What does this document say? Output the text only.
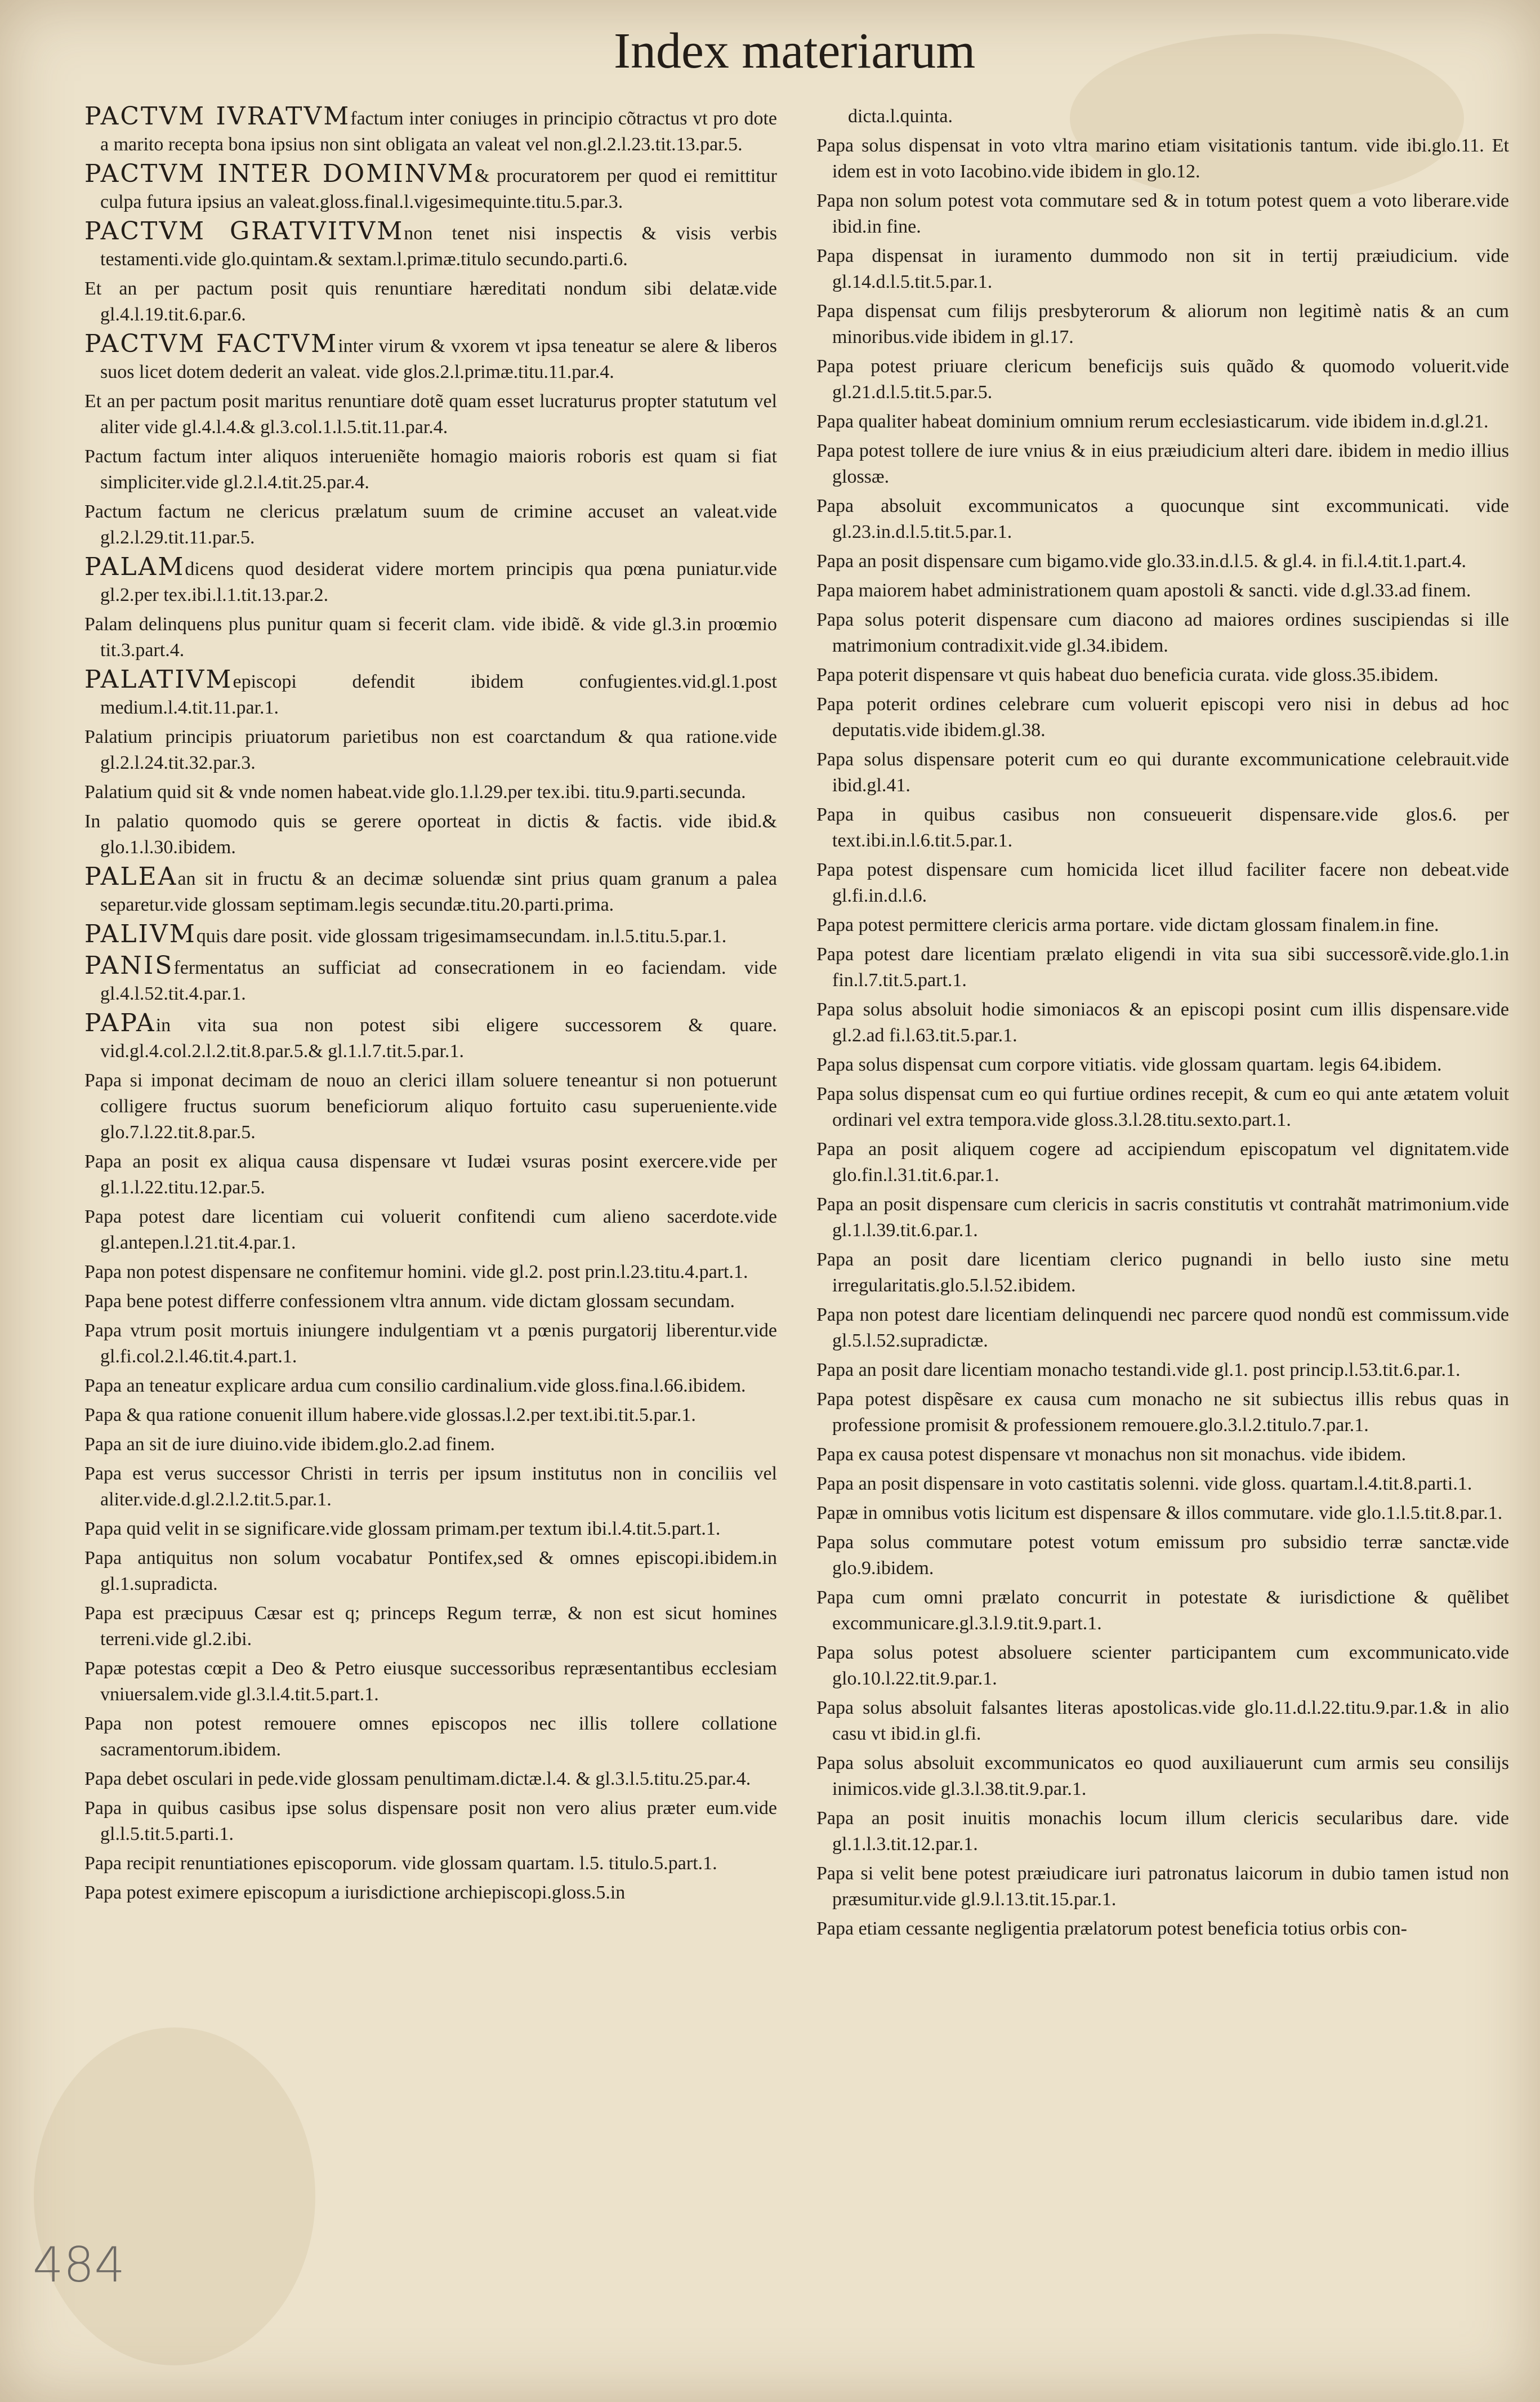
Index materiarum

PACTVM IVRATVMfactum inter coniuges in principio cõtractus vt pro dote a marito recepta bona ipsius non sint obligata an valeat vel non.gl.2.l.23.tit.13.par.5.

PACTVM INTER DOMINVM& procuratorem per quod ei remittitur culpa futura ipsius an valeat.gloss.final.l.vigesimequinte.titu.5.par.3.

PACTVM GRATVITVMnon tenet nisi inspectis & visis verbis testamenti.vide glo.quintam.& sextam.l.primæ.titulo secundo.parti.6.

Et an per pactum posit quis renuntiare hæreditati nondum sibi delatæ.vide gl.4.l.19.tit.6.par.6.

PACTVM FACTVMinter virum & vxorem vt ipsa teneatur se alere & liberos suos licet dotem dederit an valeat. vide glos.2.l.primæ.titu.11.par.4.

Et an per pactum posit maritus renuntiare dotẽ quam esset lucraturus propter statutum vel aliter vide gl.4.l.4.& gl.3.col.1.l.5.tit.11.par.4.

Pactum factum inter aliquos interueniẽte homagio maioris roboris est quam si fiat simpliciter.vide gl.2.l.4.tit.25.par.4.

Pactum factum ne clericus prælatum suum de crimine accuset an valeat.vide gl.2.l.29.tit.11.par.5.

PALAMdicens quod desiderat videre mortem principis qua pœna puniatur.vide gl.2.per tex.ibi.l.1.tit.13.par.2.

Palam delinquens plus punitur quam si fecerit clam. vide ibidẽ. & vide gl.3.in proœmio tit.3.part.4.

PALATIVMepiscopi defendit ibidem confugientes.vid.gl.1.post medium.l.4.tit.11.par.1.

Palatium principis priuatorum parietibus non est coarctandum & qua ratione.vide gl.2.l.24.tit.32.par.3.

Palatium quid sit & vnde nomen habeat.vide glo.1.l.29.per tex.ibi. titu.9.parti.secunda.

In palatio quomodo quis se gerere oporteat in dictis & factis. vide ibid.& glo.1.l.30.ibidem.

PALEAan sit in fructu & an decimæ soluendæ sint prius quam granum a palea separetur.vide glossam septimam.legis secundæ.titu.20.parti.prima.

PALIVMquis dare posit. vide glossam trigesimamsecundam. in.l.5.titu.5.par.1.

PANISfermentatus an sufficiat ad consecrationem in eo faciendam. vide gl.4.l.52.tit.4.par.1.

PAPAin vita sua non potest sibi eligere successorem & quare. vid.gl.4.col.2.l.2.tit.8.par.5.& gl.1.l.7.tit.5.par.1.

Papa si imponat decimam de nouo an clerici illam soluere teneantur si non potuerunt colligere fructus suorum beneficiorum aliquo fortuito casu superueniente.vide glo.7.l.22.tit.8.par.5.

Papa an posit ex aliqua causa dispensare vt Iudæi vsuras posint exercere.vide per gl.1.l.22.titu.12.par.5.

Papa potest dare licentiam cui voluerit confitendi cum alieno sacerdote.vide gl.antepen.l.21.tit.4.par.1.

Papa non potest dispensare ne confitemur homini. vide gl.2. post prin.l.23.titu.4.part.1.

Papa bene potest differre confessionem vltra annum. vide dictam glossam secundam.

Papa vtrum posit mortuis iniungere indulgentiam vt a pœnis purgatorij liberentur.vide gl.fi.col.2.l.46.tit.4.part.1.

Papa an teneatur explicare ardua cum consilio cardinalium.vide gloss.fina.l.66.ibidem.

Papa & qua ratione conuenit illum habere.vide glossas.l.2.per text.ibi.tit.5.par.1.

Papa an sit de iure diuino.vide ibidem.glo.2.ad finem.

Papa est verus successor Christi in terris per ipsum institutus non in conciliis vel aliter.vide.d.gl.2.l.2.tit.5.par.1.

Papa quid velit in se significare.vide glossam primam.per textum ibi.l.4.tit.5.part.1.

Papa antiquitus non solum vocabatur Pontifex,sed & omnes episcopi.ibidem.in gl.1.supradicta.

Papa est præcipuus Cæsar est q; princeps Regum terræ, & non est sicut homines terreni.vide gl.2.ibi.

Papæ potestas cœpit a Deo & Petro eiusque successoribus repræsentantibus ecclesiam vniuersalem.vide gl.3.l.4.tit.5.part.1.

Papa non potest remouere omnes episcopos nec illis tollere collatione sacramentorum.ibidem.

Papa debet osculari in pede.vide glossam penultimam.dictæ.l.4. & gl.3.l.5.titu.25.par.4.

Papa in quibus casibus ipse solus dispensare posit non vero alius præter eum.vide gl.l.5.tit.5.parti.1.

Papa recipit renuntiationes episcoporum. vide glossam quartam. l.5. titulo.5.part.1.

Papa potest eximere episcopum a iurisdictione archiepiscopi.gloss.5.in

dicta.l.quinta.

Papa solus dispensat in voto vltra marino etiam visitationis tantum. vide ibi.glo.11. Et idem est in voto Iacobino.vide ibidem in glo.12.

Papa non solum potest vota commutare sed & in totum potest quem a voto liberare.vide ibid.in fine.

Papa dispensat in iuramento dummodo non sit in tertij præiudicium. vide gl.14.d.l.5.tit.5.par.1.

Papa dispensat cum filijs presbyterorum & aliorum non legitimè natis & an cum minoribus.vide ibidem in gl.17.

Papa potest priuare clericum beneficijs suis quãdo & quomodo voluerit.vide gl.21.d.l.5.tit.5.par.5.

Papa qualiter habeat dominium omnium rerum ecclesiasticarum. vide ibidem in.d.gl.21.

Papa potest tollere de iure vnius & in eius præiudicium alteri dare. ibidem in medio illius glossæ.

Papa absoluit excommunicatos a quocunque sint excommunicati. vide gl.23.in.d.l.5.tit.5.par.1.

Papa an posit dispensare cum bigamo.vide glo.33.in.d.l.5. & gl.4. in fi.l.4.tit.1.part.4.

Papa maiorem habet administrationem quam apostoli & sancti. vide d.gl.33.ad finem.

Papa solus poterit dispensare cum diacono ad maiores ordines suscipiendas si ille matrimonium contradixit.vide gl.34.ibidem.

Papa poterit dispensare vt quis habeat duo beneficia curata. vide gloss.35.ibidem.

Papa poterit ordines celebrare cum voluerit episcopi vero nisi in debus ad hoc deputatis.vide ibidem.gl.38.

Papa solus dispensare poterit cum eo qui durante excommunicatione celebrauit.vide ibid.gl.41.

Papa in quibus casibus non consueuerit dispensare.vide glos.6. per text.ibi.in.l.6.tit.5.par.1.

Papa potest dispensare cum homicida licet illud faciliter facere non debeat.vide gl.fi.in.d.l.6.

Papa potest permittere clericis arma portare. vide dictam glossam finalem.in fine.

Papa potest dare licentiam prælato eligendi in vita sua sibi successorẽ.vide.glo.1.in fin.l.7.tit.5.part.1.

Papa solus absoluit hodie simoniacos & an episcopi posint cum illis dispensare.vide gl.2.ad fi.l.63.tit.5.par.1.

Papa solus dispensat cum corpore vitiatis. vide glossam quartam. legis 64.ibidem.

Papa solus dispensat cum eo qui furtiue ordines recepit, & cum eo qui ante ætatem voluit ordinari vel extra tempora.vide gloss.3.l.28.titu.sexto.part.1.

Papa an posit aliquem cogere ad accipiendum episcopatum vel dignitatem.vide glo.fin.l.31.tit.6.par.1.

Papa an posit dispensare cum clericis in sacris constitutis vt contrahãt matrimonium.vide gl.1.l.39.tit.6.par.1.

Papa an posit dare licentiam clerico pugnandi in bello iusto sine metu irregularitatis.glo.5.l.52.ibidem.

Papa non potest dare licentiam delinquendi nec parcere quod nondũ est commissum.vide gl.5.l.52.supradictæ.

Papa an posit dare licentiam monacho testandi.vide gl.1. post princip.l.53.tit.6.par.1.

Papa potest dispẽsare ex causa cum monacho ne sit subiectus illis rebus quas in professione promisit & professionem remouere.glo.3.l.2.titulo.7.par.1.

Papa ex causa potest dispensare vt monachus non sit monachus. vide ibidem.

Papa an posit dispensare in voto castitatis solenni. vide gloss. quartam.l.4.tit.8.parti.1.

Papæ in omnibus votis licitum est dispensare & illos commutare. vide glo.1.l.5.tit.8.par.1.

Papa solus commutare potest votum emissum pro subsidio terræ sanctæ.vide glo.9.ibidem.

Papa cum omni prælato concurrit in potestate & iurisdictione & quẽlibet excommunicare.gl.3.l.9.tit.9.part.1.

Papa solus potest absoluere scienter participantem cum excommunicato.vide glo.10.l.22.tit.9.par.1.

Papa solus absoluit falsantes literas apostolicas.vide glo.11.d.l.22.titu.9.par.1.& in alio casu vt ibid.in gl.fi.

Papa solus absoluit excommunicatos eo quod auxiliauerunt cum armis seu consilijs inimicos.vide gl.3.l.38.tit.9.par.1.

Papa an posit inuitis monachis locum illum clericis secularibus dare. vide gl.1.l.3.tit.12.par.1.

Papa si velit bene potest præiudicare iuri patronatus laicorum in dubio tamen istud non præsumitur.vide gl.9.l.13.tit.15.par.1.

Papa etiam cessante negligentia prælatorum potest beneficia totius orbis con-

484
